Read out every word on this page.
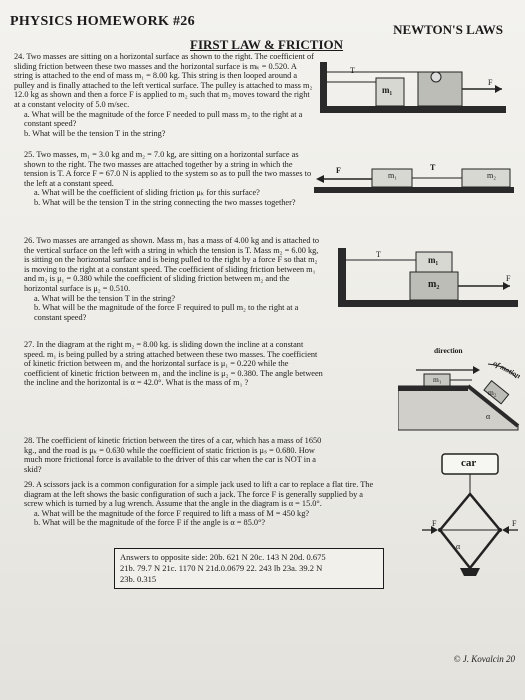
PHYSICS HOMEWORK #26
NEWTON'S LAWS
FIRST LAW & FRICTION

24. Two masses are sitting on a horizontal surface as shown to the right. The coefficient of sliding friction between these two masses and the horizontal surface is mₖ = 0.520. A string is attached to the end of mass m₁ = 8.00 kg. This string is then looped around a pulley and is finally attached to the left vertical surface. The pulley is attached to mass m₂ 12.0 kg as shown and then a force F is applied to m₂ such that m₂ moves toward the right at a constant velocity of 5.0 m/sec.

a. What will be the magnitude of the force F needed to pull mass m₂ to the right at a constant speed?

b. What will be the tension T in the string?

m₁
T
F

25. Two masses, m₁ = 3.0 kg and m₂ = 7.0 kg, are sitting on a horizontal surface as shown to the right. The two masses are attached together by a string in which the tension is T. A force F = 67.0 N is applied to the system so as to pull the two masses to the left at a constant speed.

a. What will be the coefficient of sliding friction μₖ for this surface?

b. What will be the tension T in the string connecting the two masses together?

F
m₁
T
m₂

26. Two masses are arranged as shown. Mass m₁ has a mass of 4.00 kg and is attached to the vertical surface on the left with a string in which the tension is T. Mass m₂ = 6.00 kg, is sitting on the horizontal surface and is being pulled to the right by a force F so that m₂ is moving to the right at a constant speed. The coefficient of sliding friction between m₁ and m₂ is μ₁ = 0.380 while the coefficient of sliding friction between m₂ and the horizontal surface is μ₂ = 0.510.

a. What will be the tension T in the string?

b. What will be the magnitude of the force F required to pull m₂ to the right at a constant speed?

T
m₁
m₂
F

27. In the diagram at the right m₂ = 8.00 kg. is sliding down the incline at a constant speed. m₁ is being pulled by a string attached between these two masses. The coefficient of kinetic friction between m₁ and the horizontal surface is μ₁ = 0.220 while the coefficient of kinetic friction between m₁ and the incline is μ₂ = 0.380. The angle between the incline and the horizontal is α = 42.0°. What is the mass of m₁ ?

direction
of motion
m₁
m₂
α

28. The coefficient of kinetic friction between the tires of a car, which has a mass of 1650 kg., and the road is μₖ = 0.630 while the coefficient of static friction is μₛ = 0.680. How much more frictional force is available to the driver of this car when the car is NOT in a skid?

29. A scissors jack is a common configuration for a simple jack used to lift a car to replace a flat tire. The diagram at the left shows the basic configuration of such a jack. The force F is generally supplied by a screw which is turned by a lug wrench. Assume that the angle in the diagram is α = 15.0°.

a. What will be the magnitude of the force F required to lift a mass of M = 450 kg?

b. What will be the magnitude of the force F if the angle is α = 85.0°?

car
F	F
α
Answers to opposite side: 20b. 621 N 20c. 143 N 20d. 0.675
21b. 79.7 N 21c. 1170 N 21d.0.0679 22. 243 lb 23a. 39.2 N
23b. 0.315
© J. Kovalcin 20
